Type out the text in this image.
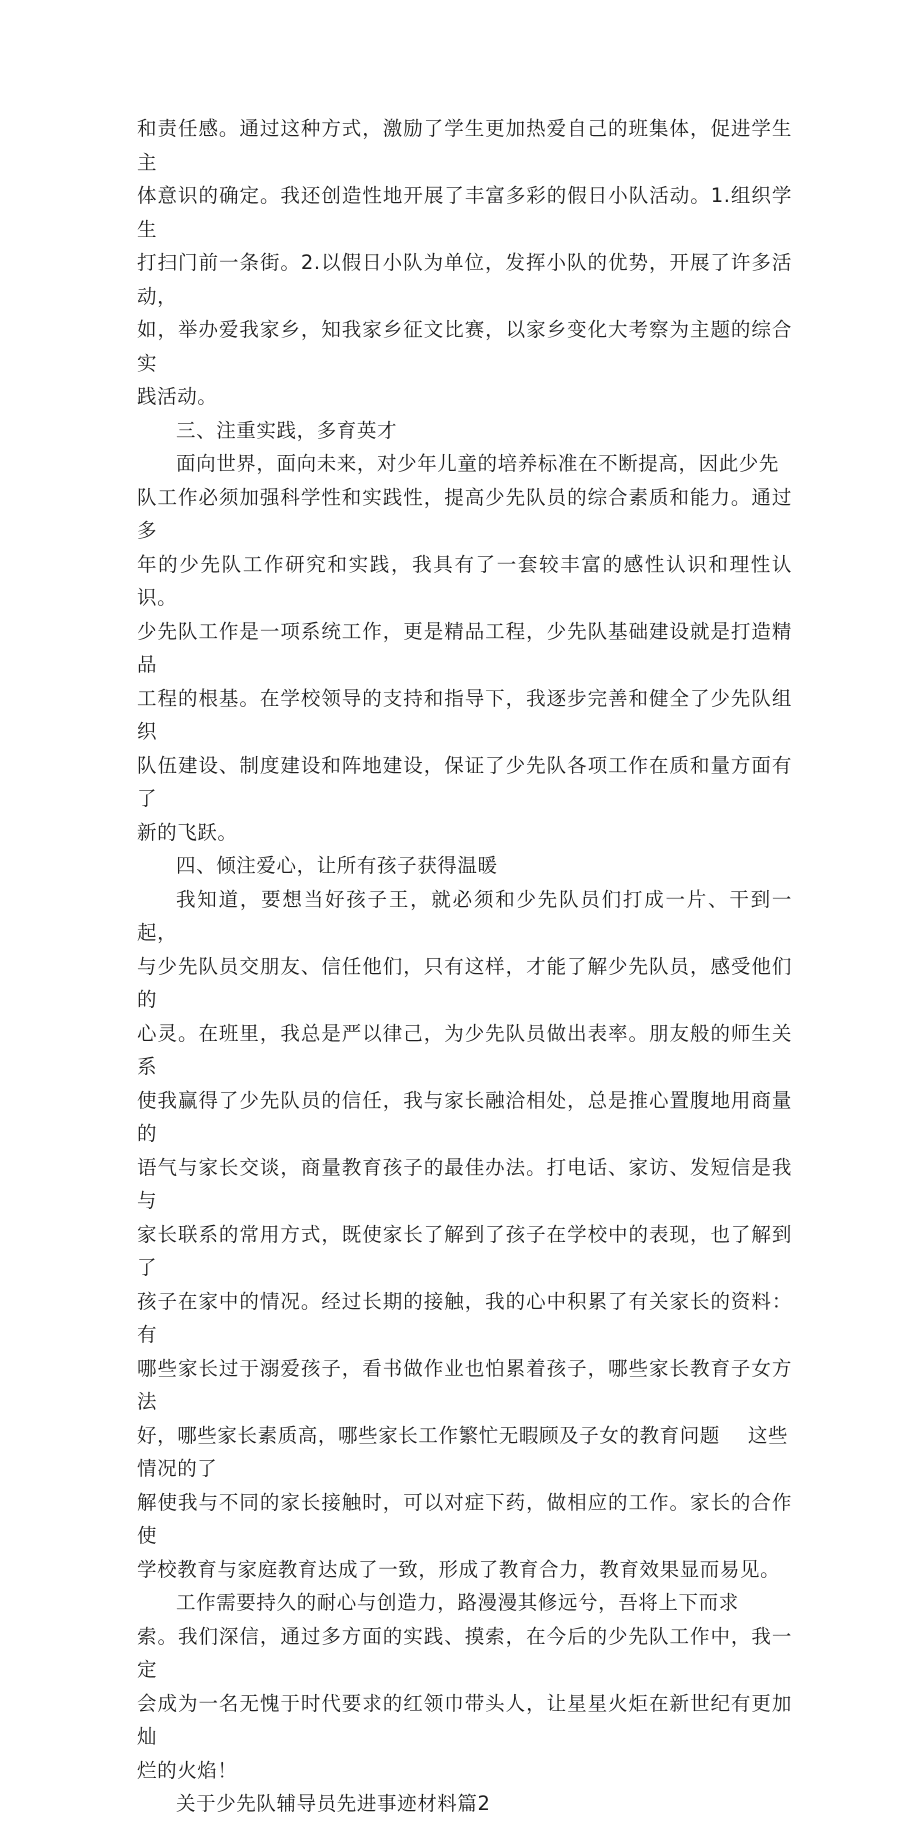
和责任感。通过这种方式，激励了学生更加热爱自己的班集体，促进学生主
体意识的确定。我还创造性地开展了丰富多彩的假日小队活动。1.组织学生
打扫门前一条街。2.以假日小队为单位，发挥小队的优势，开展了许多活动，
如，举办爱我家乡，知我家乡征文比赛，以家乡变化大考察为主题的综合实
践活动。

三、注重实践，多育英才

面向世界，面向未来，对少年儿童的培养标准在不断提高，因此少先
队工作必须加强科学性和实践性，提高少先队员的综合素质和能力。通过多
年的少先队工作研究和实践，我具有了一套较丰富的感性认识和理性认识。
少先队工作是一项系统工作，更是精品工程，少先队基础建设就是打造精品
工程的根基。在学校领导的支持和指导下，我逐步完善和健全了少先队组织
队伍建设、制度建设和阵地建设，保证了少先队各项工作在质和量方面有了
新的飞跃。

四、倾注爱心，让所有孩子获得温暖

我知道，要想当好孩子王，就必须和少先队员们打成一片、干到一起，
与少先队员交朋友、信任他们，只有这样，才能了解少先队员，感受他们的
心灵。在班里，我总是严以律己，为少先队员做出表率。朋友般的师生关系
使我赢得了少先队员的信任，我与家长融洽相处，总是推心置腹地用商量的
语气与家长交谈，商量教育孩子的最佳办法。打电话、家访、发短信是我与
家长联系的常用方式，既使家长了解到了孩子在学校中的表现，也了解到了
孩子在家中的情况。经过长期的接触，我的心中积累了有关家长的资料：有
哪些家长过于溺爱孩子，看书做作业也怕累着孩子，哪些家长教育子女方法
好，哪些家长素质高，哪些家长工作繁忙无暇顾及子女的教育问题 这些
情况的了
解使我与不同的家长接触时，可以对症下药，做相应的工作。家长的合作使
学校教育与家庭教育达成了一致，形成了教育合力，教育效果显而易见。
工作需要持久的耐心与创造力，路漫漫其修远兮，吾将上下而求
索。我们深信，通过多方面的实践、摸索，在今后的少先队工作中，我一定
会成为一名无愧于时代要求的红领巾带头人，让星星火炬在新世纪有更加灿
烂的火焰！

关于少先队辅导员先进事迹材料篇2
